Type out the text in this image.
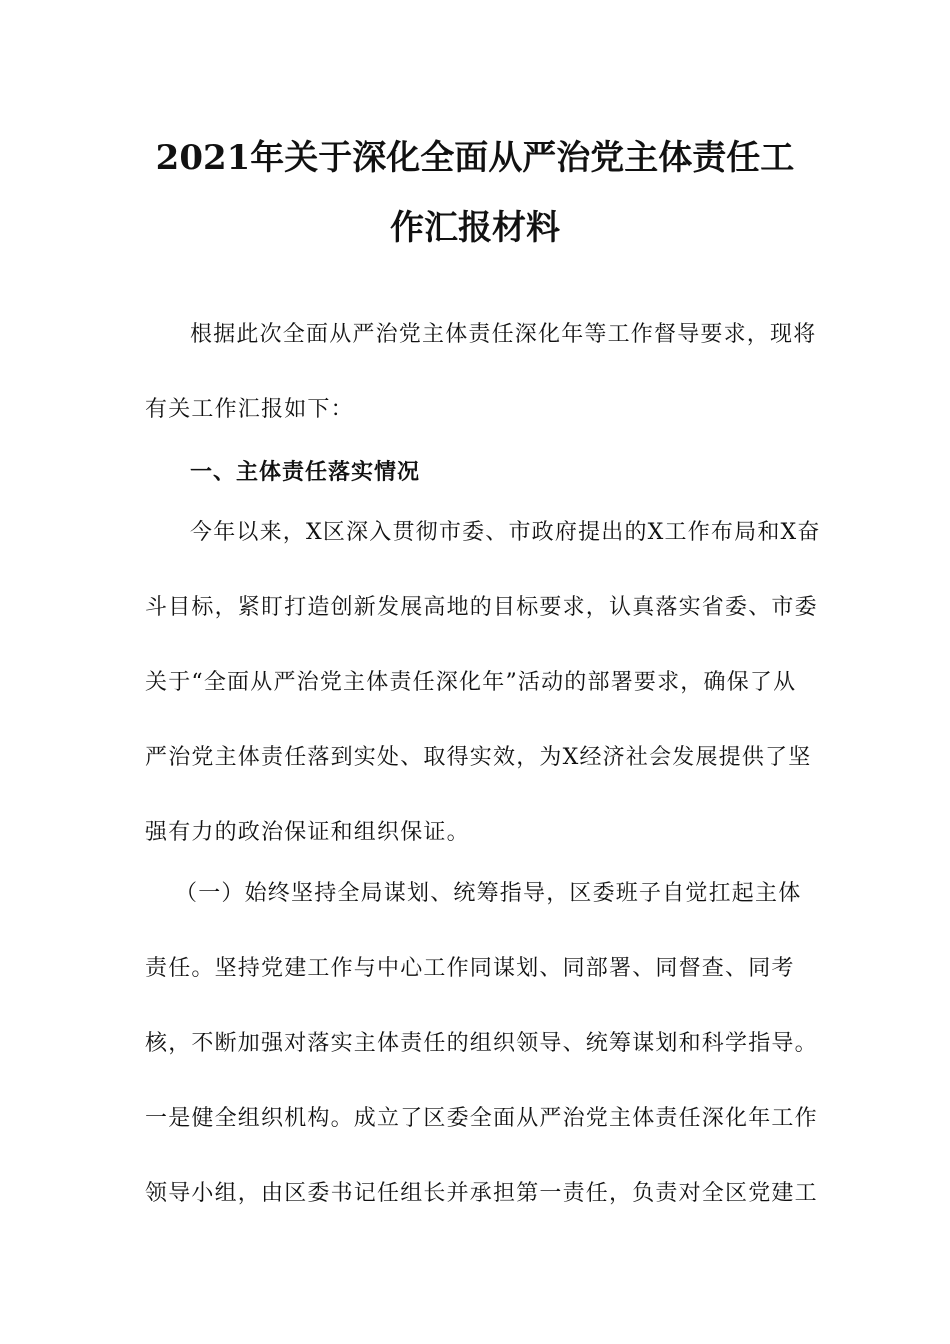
2021年关于深化全面从严治党主体责任工
作汇报材料
根据此次全面从严治党主体责任深化年等工作督导要求，现将
有关工作汇报如下：
一、主体责任落实情况
今年以来，X区深入贯彻市委、市政府提出的X工作布局和X奋
斗目标，紧盯打造创新发展高地的目标要求，认真落实省委、市委
关于“全面从严治党主体责任深化年”活动的部署要求，确保了从
严治党主体责任落到实处、取得实效，为X经济社会发展提供了坚
强有力的政治保证和组织保证。
（一）始终坚持全局谋划、统筹指导，区委班子自觉扛起主体
责任。坚持党建工作与中心工作同谋划、同部署、同督查、同考
核，不断加强对落实主体责任的组织领导、统筹谋划和科学指导。
一是健全组织机构。成立了区委全面从严治党主体责任深化年工作
领导小组，由区委书记任组长并承担第一责任，负责对全区党建工
